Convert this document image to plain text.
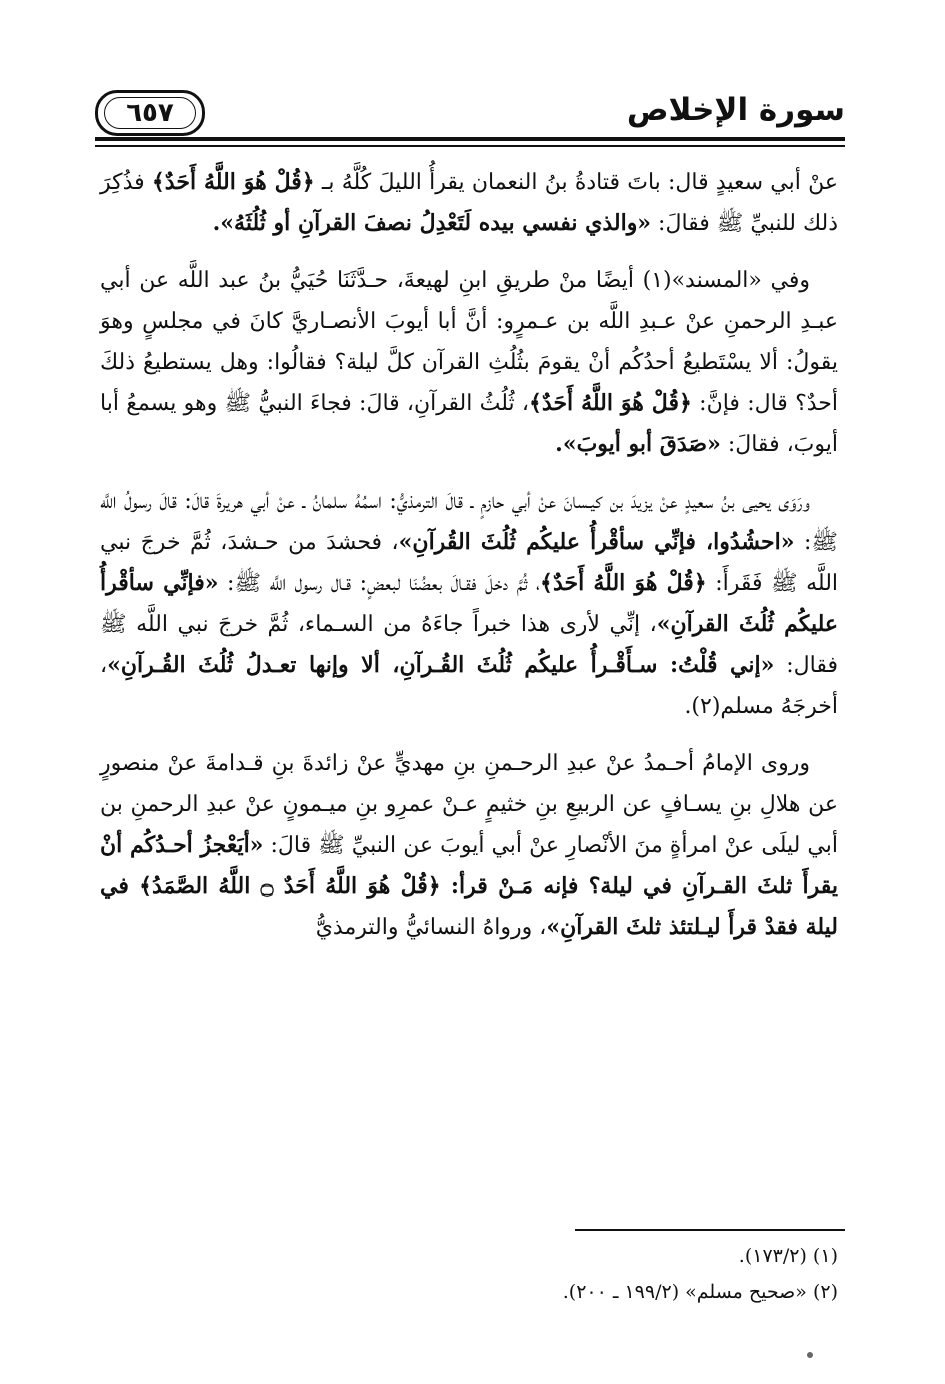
٦٥٧	سورة الإخلاص

عنْ أبي سعيدٍ قال: باتَ قتادةُ بنُ النعمان يقرأُ الليلَ كُلَّهُ بـ ﴿قُلْ هُوَ اللَّهُ أَحَدٌ﴾ فذُكِرَ ذلك للنبيِّ ﷺ فقالَ: «والذي نفسي بيده لَتَعْدِلُ نصفَ القرآنِ أو ثُلُثَهُ».

وفي «المسند»(١) أيضًا منْ طريقِ ابنِ لهيعةَ، حـدَّثَنَا حُيَيُّ بنُ عبد اللَّه عن أبي عبـدِ الرحمنِ عنْ عـبدِ اللَّه بن عـمرٍو: أنَّ أبا أيوبَ الأنصـاريَّ كانَ في مجلسٍ وهوَ يقولُ: ألا يسْتَطيعُ أحدُكُم أنْ يقومَ بثُلُثِ القرآن كلَّ ليلة؟ فقالُوا: وهل يستطيعُ ذلكَ أحدٌ؟ قال: فإنَّ: ﴿قُلْ هُوَ اللَّهُ أَحَدٌ﴾، ثُلُثُ القرآنِ، قالَ: فجاءَ النبيُّ ﷺ وهو يسمعُ أبا أيوبَ، فقالَ: «صَدَقَ أبو أيوبَ».

ورَوَى يحيى بنُ سعيدٍ عنْ يزيدَ بن كيـسانَ عنْ أبي حازمٍ ـ قالَ الترمذيُّ: اسمُهُ سلمانُ ـ عنْ أبي هريرةَ قالَ: قالَ رسولُ اللَّه ﷺ: «احشُدُوا، فإنِّي سأقْرأُ عليكُم ثُلُثَ القُرآنِ»، فحشدَ من حـشدَ، ثُمَّ خرجَ نبي اللَّه ﷺ فَقَرأَ: ﴿قُلْ هُوَ اللَّهُ أَحَدٌ﴾، ثُمَّ دخلَ فقـالَ بعضُنَا لبعضٍ: قـال رسول اللَّه ﷺ: «فإنِّي سأقْرأُ عليكُم ثُلُثَ القرآنِ»، إنِّي لأرى هذا خبراً جاءَهُ من السـماء، ثُمَّ خرجَ نبي اللَّه ﷺ فقال: «إني قُلْتُ: سـأَقْـرأُ عليكُم ثُلُثَ القُـرآنِ، ألا وإنها تعـدلُ ثُلُثَ القُـرآنِ»، أخرجَهُ مسلم(٢).

وروى الإمامُ أحـمدُ عنْ عبدِ الرحـمنِ بنِ مهديٍّ عنْ زائدةَ بنِ قـدامةَ عنْ منصورٍ عن هلالِ بنِ يسـافٍ عن الربيعِ بنِ خثيمٍ عـنْ عمرِو بنِ ميـمونٍ عنْ عبدِ الرحمنِ بن أبي ليلَى عنْ امرأةٍ منَ الأنْصارِ عنْ أبي أيوبَ عن النبيِّ ﷺ قالَ: «أيَعْجزُ أحـدُكُم أنْ يقرأَ ثلثَ القـرآنِ في ليلة؟ فإنه مَـنْ قرأ: ﴿قُلْ هُوَ اللَّهُ أَحَدٌ ۝ اللَّهُ الصَّمَدُ﴾ في ليلة فقدْ قرأَ ليـلتئذ ثلثَ القرآنِ»، ورواهُ النسائيُّ والترمذيُّ

(١) (١٧٣/٢).
(٢) «صحيح مسلم» (١٩٩/٢ ـ ٢٠٠).
